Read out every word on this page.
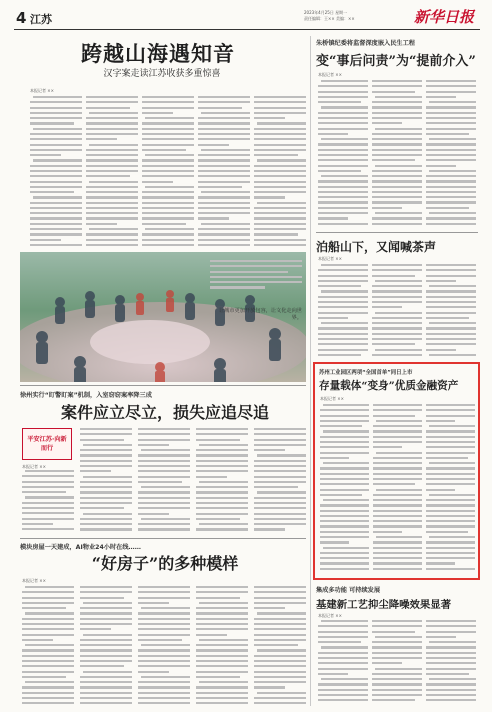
4 江苏
2023年4月25日 星期一
责任编辑：王×× 美编：××	新华日报
跨越山海遇知音
汉字案走读江苏收获多重惊喜
本报记者 ××
让城市更加开放包容，让文化走向世界。
徐州实行“盯警盯案”机制，入室窃窃案率降三成
案件应立尽立，损失应追尽追
平安江苏·向新而行
本报记者 ××
模块房屋一天建成，AI物业24小时在线……
“好房子”的多种模样
本报记者 ××
朱桥镇纪委将监督深度嵌入民生工程
变“事后问责”为“提前介入”
本报记者 ××
泊船山下，又闻喊茶声
本报记者 ××
苏州工业园区两项“全国首单”同日上市
存量载体“变身”优质金融资产
本报记者 ××
集成多功能 可持续发展
基建新工艺抑尘降噪效果显著
本报记者 ××
